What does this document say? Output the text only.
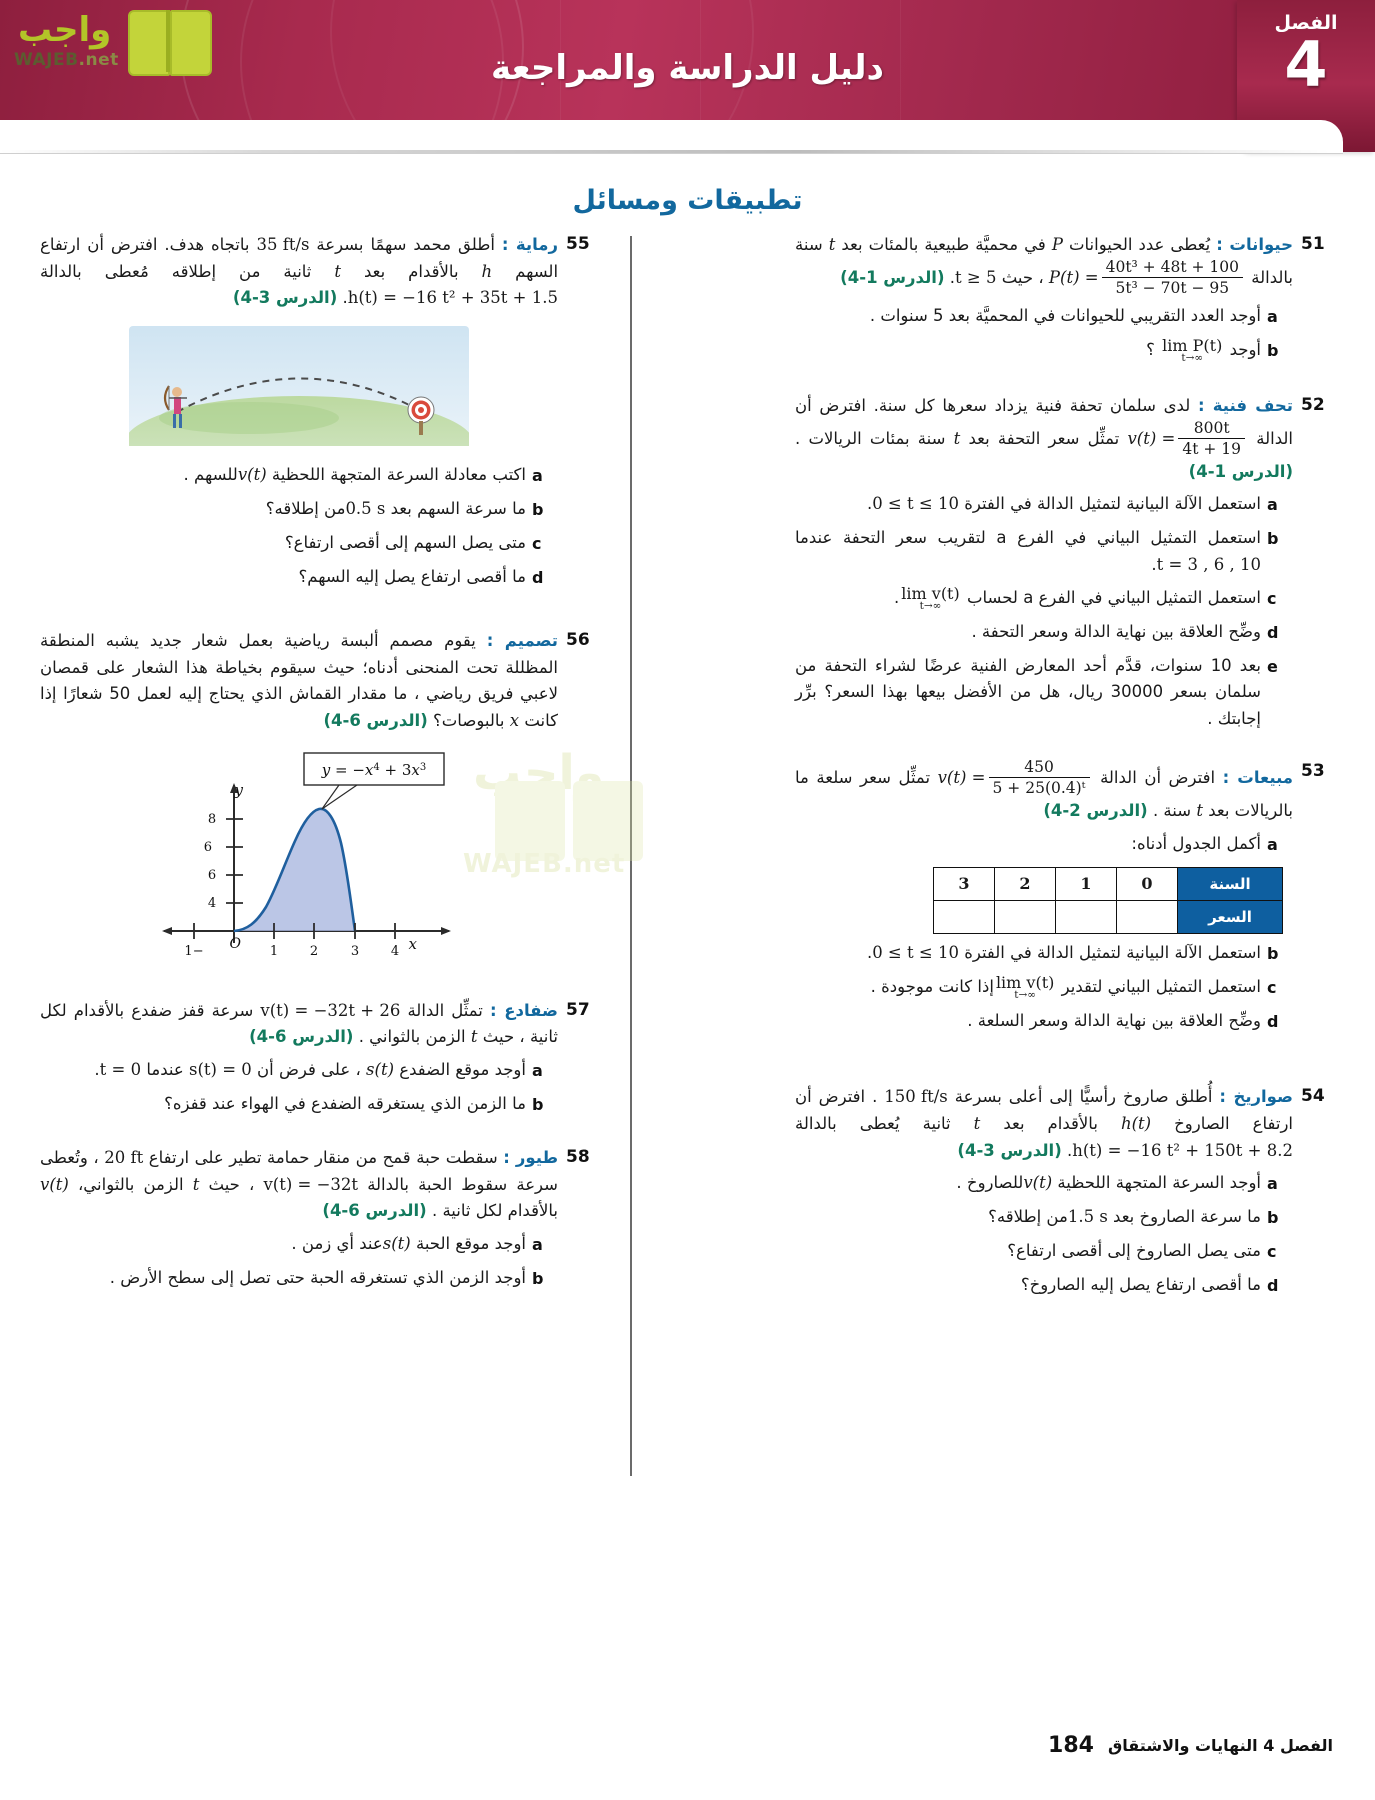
دليل الدراسة والمراجعة
الفصل
4
واجب
WAJEB.net
تطبيقات ومسائل
واجب
WAJEB.net
51
حيوانات : يُعطى عدد الحيوانات P في محميَّة طبيعية بالمئات بعد t سنة بالدالة $P(t) = \frac{\text{40t³ + 48t + 100}}{\text{5t³ − 70t − 95}}$
، حيث t ≥ 5. (الدرس 1-4)
a
أوجد العدد التقريبي للحيوانات في المحميَّة بعد 5 سنوات .
b
أوجد
lim P(t)
t→∞
؟
52
تحف فنية : لدى سلمان تحفة فنية يزداد سعرها كل سنة. افترض أن الدالة $v(t) = \frac{800t}{4t + 19}$
تمثِّل سعر التحفة بعد t سنة بمئات الريالات . (الدرس 1-4)
a
استعمل الآلة البيانية لتمثيل الدالة في الفترة 0 ≤ t ≤ 10.
b
استعمل التمثيل البياني في الفرع a لتقريب سعر التحفة عندما t = 3 , 6 , 10.
c
استعمل التمثيل البياني في الفرع a لحساب
lim v(t)
t→∞
.
d
وضِّح العلاقة بين نهاية الدالة وسعر التحفة .
e
بعد 10 سنوات، قدَّم أحد المعارض الفنية عرضًا لشراء التحفة من سلمان بسعر 30000 ريال، هل من الأفضل بيعها بهذا السعر؟ برِّر إجابتك .
53
مبيعات : افترض أن الدالة $v(t) = \frac{450}{\text{5 + 25(0.4)ᵗ}}$
تمثِّل سعر سلعة ما بالريالات بعد t سنة . (الدرس 2-4)
a
أكمل الجدول أدناه:
السنة	0	1	2	3
السعر				
b
استعمل الآلة البيانية لتمثيل الدالة في الفترة 0 ≤ t ≤ 10.
c
استعمل التمثيل البياني لتقدير
lim v(t)
t→∞
إذا كانت موجودة .
d
وضِّح العلاقة بين نهاية الدالة وسعر السلعة .
54
صواريخ : أُطلق صاروخ رأسيًّا إلى أعلى بسرعة 150 ft/s . افترض أن ارتفاع الصاروخ h(t) بالأقدام بعد t ثانية يُعطى بالدالة h(t) = −16 t² + 150t + 8.2. (الدرس 3-4)
a
أوجد السرعة المتجهة اللحظية v(t)للصاروخ .
b
ما سرعة الصاروخ بعد 1.5 sمن إطلاقه؟
c
متى يصل الصاروخ إلى أقصى ارتفاع؟
d
ما أقصى ارتفاع يصل إليه الصاروخ؟
55
رماية : أطلق محمد سهمًا بسرعة 35 ft/s باتجاه هدف. افترض أن ارتفاع السهم h بالأقدام بعد t ثانية من إطلاقه مُعطى بالدالة h(t) = −16 t² + 35t + 1.5. (الدرس 3-4)
a
اكتب معادلة السرعة المتجهة اللحظية v(t)للسهم .
b
ما سرعة السهم بعد 0.5 sمن إطلاقه؟
c
متى يصل السهم إلى أقصى ارتفاع؟
d
ما أقصى ارتفاع يصل إليه السهم؟
56
تصميم : يقوم مصمم ألبسة رياضية بعمل شعار جديد يشبه المنطقة المظللة تحت المنحنى أدناه؛ حيث سيقوم بخياطة هذا الشعار على قمصان لاعبي فريق رياضي ، ما مقدار القماش الذي يحتاج إليه لعمل 50 شعارًا إذا كانت x بالبوصات؟ (الدرس 6-4)
8
6
4
−1	1 2	3 4
6
y
x
O
$y = -x^4 + 3x^3$
57
ضفادع : تمثِّل الدالة v(t) = −32t + 26 سرعة قفز ضفدع بالأقدام لكل ثانية ، حيث t الزمن بالثواني . (الدرس 6-4)
a
أوجد موقع الضفدع s(t) ، على فرض أن s(t) = 0 عندما t = 0.
b
ما الزمن الذي يستغرقه الضفدع في الهواء عند قفزه؟
58
طيور : سقطت حبة قمح من منقار حمامة تطير على ارتفاع 20 ft ، وتُعطى سرعة سقوط الحبة بالدالة v(t) = −32t ، حيث t الزمن بالثواني، v(t) بالأقدام لكل ثانية . (الدرس 6-4)
a
أوجد موقع الحبة s(t)عند أي زمن .
b
أوجد الزمن الذي تستغرقه الحبة حتى تصل إلى سطح الأرض .
الفصل 4 النهايات والاشتقاق
184
